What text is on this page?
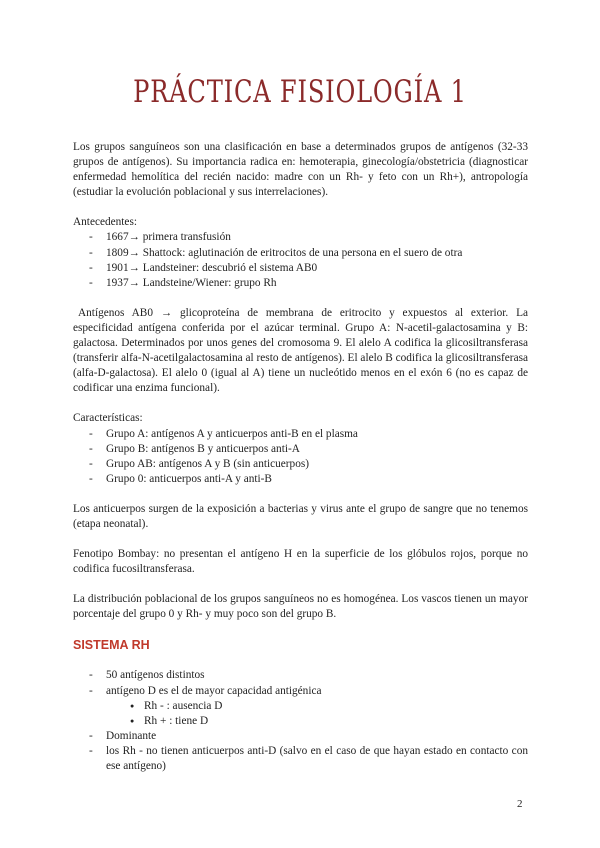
PRÁCTICA FISIOLOGÍA 1

Los grupos sanguíneos son una clasificación en base a determinados grupos de antígenos (32-33 grupos de antígenos). Su importancia radica en: hemoterapia, ginecología/obstetricia (diagnosticar enfermedad hemolítica del recién nacido: madre con un Rh- y feto con un Rh+), antropología (estudiar la evolución poblacional y sus interrelaciones).

Antecedentes:

- 1667→ primera transfusión
- 1809→ Shattock: aglutinación de eritrocitos de una persona en el suero de otra
- 1901→ Landsteiner: descubrió el sistema AB0
- 1937→ Landsteine/Wiener: grupo Rh

Antígenos AB0 → glicoproteína de membrana de eritrocito y expuestos al exterior. La especificidad antígena conferida por el azúcar terminal. Grupo A: N-acetil-galactosamina y B: galactosa. Determinados por unos genes del cromosoma 9. El alelo A codifica la glicosiltransferasa (transferir alfa-N-acetilgalactosamina al resto de antígenos). El alelo B codifica la glicosiltransferasa (alfa-D-galactosa). El alelo 0 (igual al A) tiene un nucleótido menos en el exón 6 (no es capaz de codificar una enzima funcional).

Características:

- Grupo A: antígenos A y anticuerpos anti-B en el plasma
- Grupo B: antígenos B y anticuerpos anti-A
- Grupo AB: antígenos A y B (sin anticuerpos)
- Grupo 0: anticuerpos anti-A y anti-B

Los anticuerpos surgen de la exposición a bacterias y virus ante el grupo de sangre que no tenemos (etapa neonatal).

Fenotipo Bombay: no presentan el antígeno H en la superficie de los glóbulos rojos, porque no codifica fucosiltransferasa.

La distribución poblacional de los grupos sanguíneos no es homogénea. Los vascos tienen un mayor porcentaje del grupo 0 y Rh- y muy poco son del grupo B.

SISTEMA RH

- 50 antígenos distintos
- antígeno D es el de mayor capacidad antigénica
● Rh - : ausencia D
● Rh + : tiene D
- Dominante
- los Rh - no tienen anticuerpos anti-D (salvo en el caso de que hayan estado en contacto con ese antígeno)
2
